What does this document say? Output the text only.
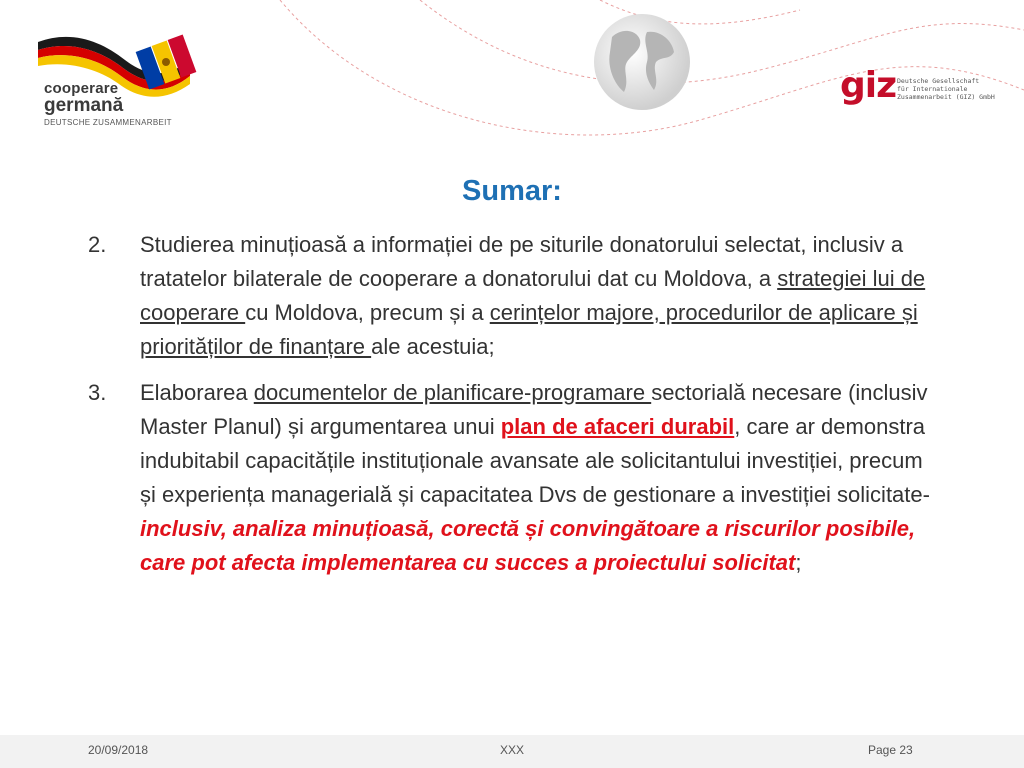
cooperare
germană
DEUTSCHE ZUSAMMENARBEIT
giz Deutsche Gesellschaft
für Internationale
Zusammenarbeit (GIZ) GmbH
Sumar:
2. Studierea minuțioasă a informației de pe siturile donatorului selectat, inclusiv a tratatelor bilaterale de cooperare a donatorului dat cu Moldova, a strategiei lui de cooperare cu Moldova, precum și a cerințelor majore, procedurilor de aplicare și priorităților de finanțare ale acestuia;
3. Elaborarea documentelor de planificare-programare sectorială necesare (inclusiv Master Planul) și argumentarea unui plan de afaceri durabil, care ar demonstra indubitabil capacitățile instituționale avansate ale solicitantului investiției, precum și experiența managerială și capacitatea Dvs de gestionare a investiției solicitate- inclusiv, analiza minuțioasă, corectă și convingătoare a riscurilor posibile, care pot afecta implementarea cu succes a proiectului solicitat;
20/09/2018	XXX	Page 23
